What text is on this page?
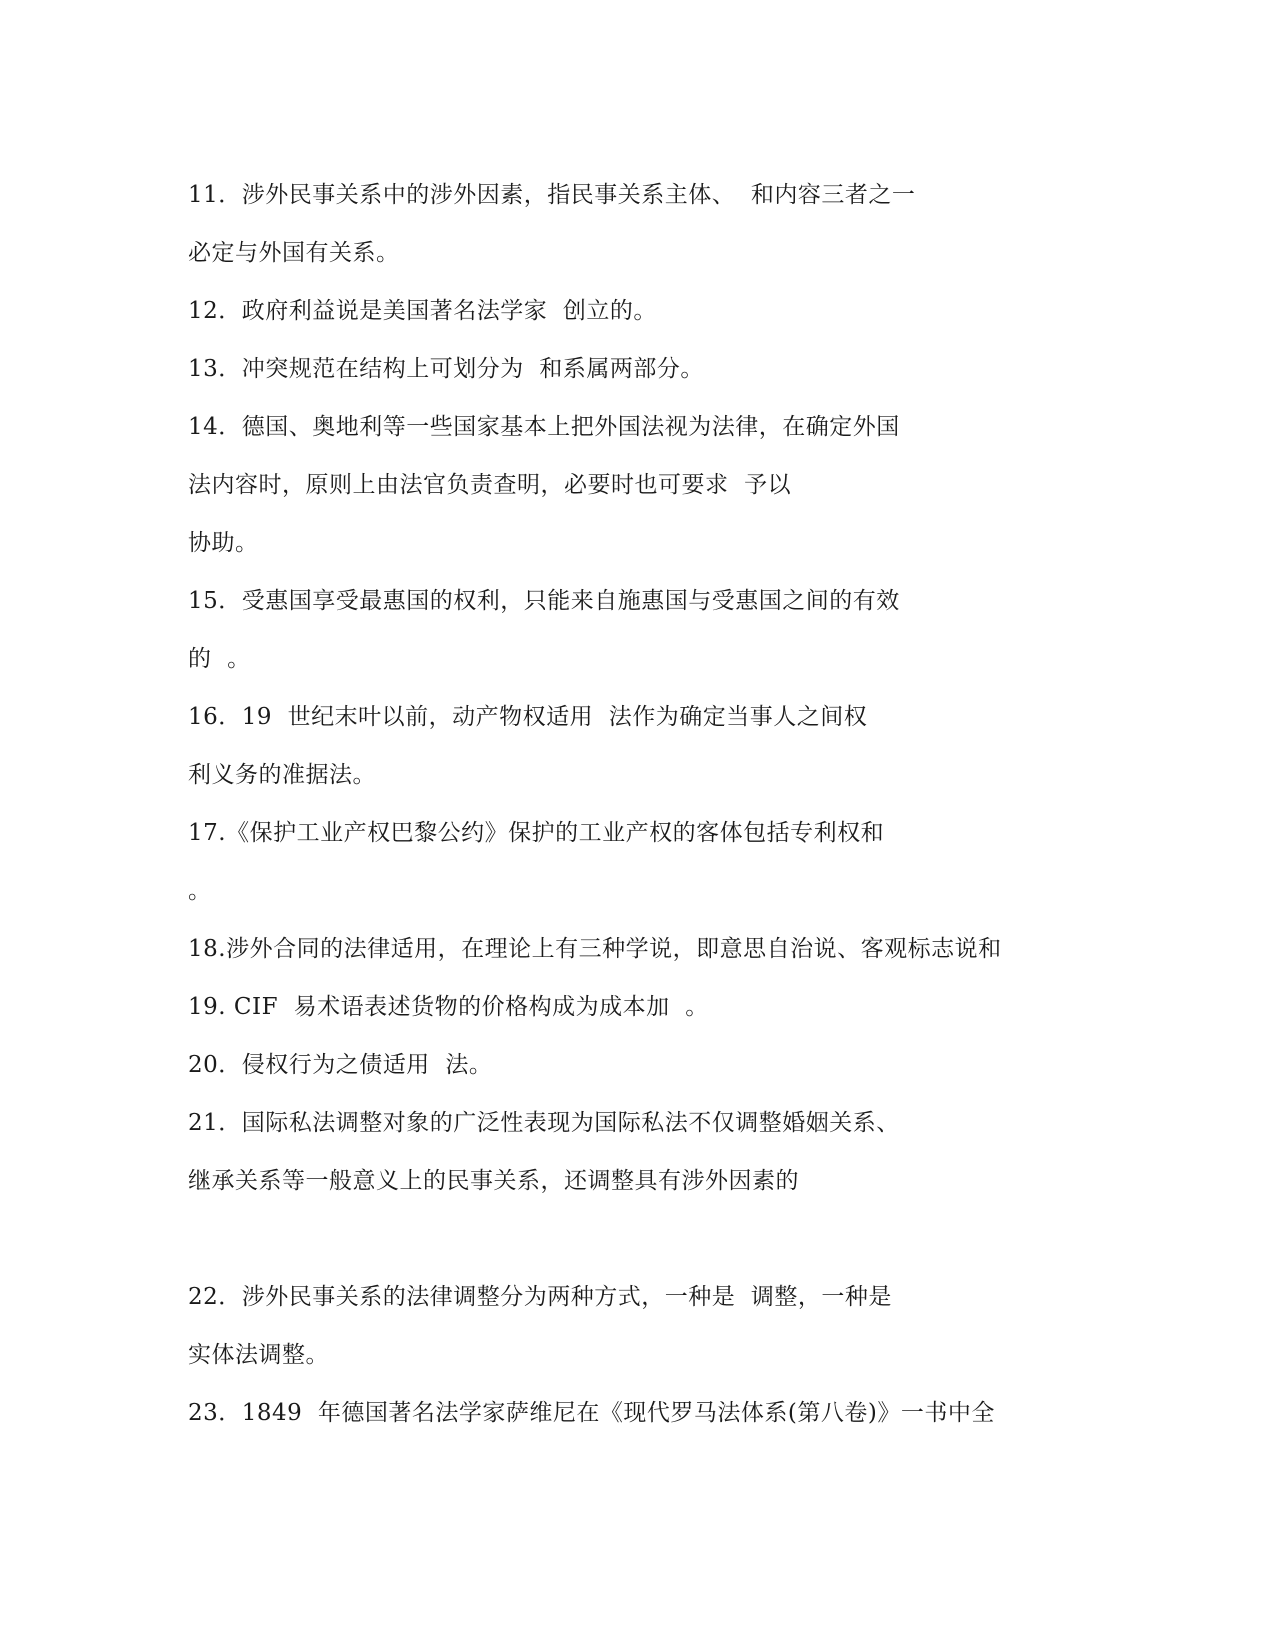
11．涉外民事关系中的涉外因素，指民事关系主体、  和内容三者之一
必定与外国有关系。
12．政府利益说是美国著名法学家  创立的。
13．冲突规范在结构上可划分为  和系属两部分。
14．德国、奥地利等一些国家基本上把外国法视为法律，在确定外国
法内容时，原则上由法官负责查明，必要时也可要求  予以
协助。
15．受惠国享受最惠国的权利，只能来自施惠国与受惠国之间的有效
的  。
16．19  世纪末叶以前，动产物权适用  法作为确定当事人之间权
利义务的准据法。
17.《保护工业产权巴黎公约》保护的工业产权的客体包括专利权和
。
18.涉外合同的法律适用，在理论上有三种学说，即意思自治说、客观标志说和
19. CIF  易术语表述货物的价格构成为成本加  。
20．侵权行为之债适用  法。
21．国际私法调整对象的广泛性表现为国际私法不仅调整婚姻关系、
继承关系等一般意义上的民事关系，还调整具有涉外因素的
22．涉外民事关系的法律调整分为两种方式，一种是  调整，一种是
实体法调整。
23．1849  年德国著名法学家萨维尼在《现代罗马法体系(第八卷)》一书中全
